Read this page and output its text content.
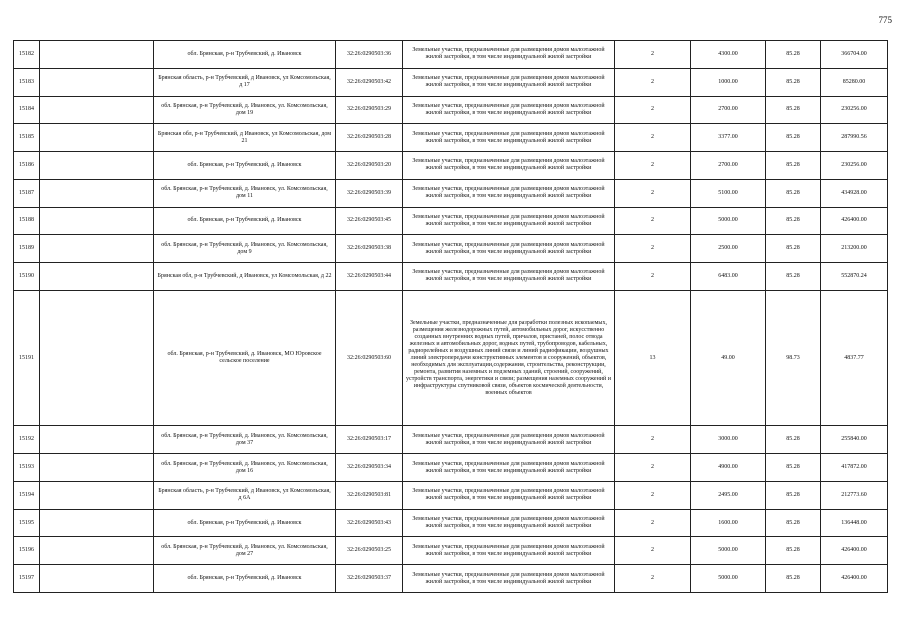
775
15182		обл. Брянская, р-н Трубчевский, д. Ивановск	32:26:0290503:36	Земельные участки, предназначенные для размещения домов малоэтажной жилой застройки, в том числе индивидуальной жилой застройки	2	4300.00	85.28	366704.00
15183		Брянская область, р-н Трубчевский, д Ивановск, ул Комсомольская, д 17	32:26:0290503:42	Земельные участки, предназначенные для размещения домов малоэтажной жилой застройки, в том числе индивидуальной жилой застройки	2	1000.00	85.28	85280.00
15184		обл. Брянская, р-н Трубчевский, д. Ивановск, ул. Комсомольская, дом 19	32:26:0290503:29	Земельные участки, предназначенные для размещения домов малоэтажной жилой застройки, в том числе индивидуальной жилой застройки	2	2700.00	85.28	230256.00
15185		Брянская обл, р-н Трубчевский, д Ивановск, ул Комсомольская, дом 21	32:26:0290503:28	Земельные участки, предназначенные для размещения домов малоэтажной жилой застройки, в том числе индивидуальной жилой застройки	2	3377.00	85.28	287990.56
15186		обл. Брянская, р-н Трубчевский, д. Ивановск	32:26:0290503:20	Земельные участки, предназначенные для размещения домов малоэтажной жилой застройки, в том числе индивидуальной жилой застройки	2	2700.00	85.28	230256.00
15187		обл. Брянская, р-н Трубчевский, д. Ивановск, ул. Комсомольская, дом 11	32:26:0290503:39	Земельные участки, предназначенные для размещения домов малоэтажной жилой застройки, в том числе индивидуальной жилой застройки	2	5100.00	85.28	434928.00
15188		обл. Брянская, р-н Трубчевский, д. Ивановск	32:26:0290503:45	Земельные участки, предназначенные для размещения домов малоэтажной жилой застройки, в том числе индивидуальной жилой застройки	2	5000.00	85.28	426400.00
15189		обл. Брянская, р-н Трубчевский, д. Ивановск, ул. Комсомольская, дом 9	32:26:0290503:38	Земельные участки, предназначенные для размещения домов малоэтажной жилой застройки, в том числе индивидуальной жилой застройки	2	2500.00	85.28	213200.00
15190		Брянская обл, р-н Трубчевский, д Ивановск, ул Комсомольская, д 22	32:26:0290503:44	Земельные участки, предназначенные для размещения домов малоэтажной жилой застройки, в том числе индивидуальной жилой застройки	2	6483.00	85.28	552870.24
15191		обл. Брянская, р-н Трубчевский, д. Ивановск, МО Юровское сельское поселение	32:26:0290503:60	Земельные участки, предназначенные для разработки полезных ископаемых, размещения железнодорожных путей, автомобильных дорог, искусственно созданных внутренних водных путей, причалов, пристаней, полос отвода железных и автомобильных дорог, водных путей, трубопроводов, кабельных, радиорелейных и воздушных линий связи и линий радиофикации, воздушных линий электропередачи конструктивных элементов и сооружений, объектов, необходимых для эксплуатации,содержания, строительства, реконструкции, ремонта, развития наземных и подземных зданий, строений, сооружений, устройств транспорта, энергетики и связи; размещения наземных сооружений и инфраструктуры спутниковой связи, объектов космической деятельности, военных объектов	13	49.00	98.73	4837.77
15192		обл. Брянская, р-н Трубчевский, д. Ивановск, ул. Комсомольская, дом 37	32:26:0290503:17	Земельные участки, предназначенные для размещения домов малоэтажной жилой застройки, в том числе индивидуальной жилой застройки	2	3000.00	85.28	255840.00
15193		обл. Брянская, р-н Трубчевский, д. Ивановск, ул. Комсомольская, дом 16	32:26:0290503:34	Земельные участки, предназначенные для размещения домов малоэтажной жилой застройки, в том числе индивидуальной жилой застройки	2	4900.00	85.28	417872.00
15194		Брянская область, р-н Трубчевский, д Ивановск, ул Комсомольская, д 6А	32:26:0290503:81	Земельные участки, предназначенные для размещения домов малоэтажной жилой застройки, в том числе индивидуальной жилой застройки	2	2495.00	85.28	212773.60
15195		обл. Брянская, р-н Трубчевский, д. Ивановск	32:26:0290503:43	Земельные участки, предназначенные для размещения домов малоэтажной жилой застройки, в том числе индивидуальной жилой застройки	2	1600.00	85.28	136448.00
15196		обл. Брянская, р-н Трубчевский, д. Ивановск, ул. Комсомольская, дом 27	32:26:0290503:25	Земельные участки, предназначенные для размещения домов малоэтажной жилой застройки, в том числе индивидуальной жилой застройки	2	5000.00	85.28	426400.00
15197		обл. Брянская, р-н Трубчевский, д. Ивановск	32:26:0290503:37	Земельные участки, предназначенные для размещения домов малоэтажной жилой застройки, в том числе индивидуальной жилой застройки	2	5000.00	85.28	426400.00
